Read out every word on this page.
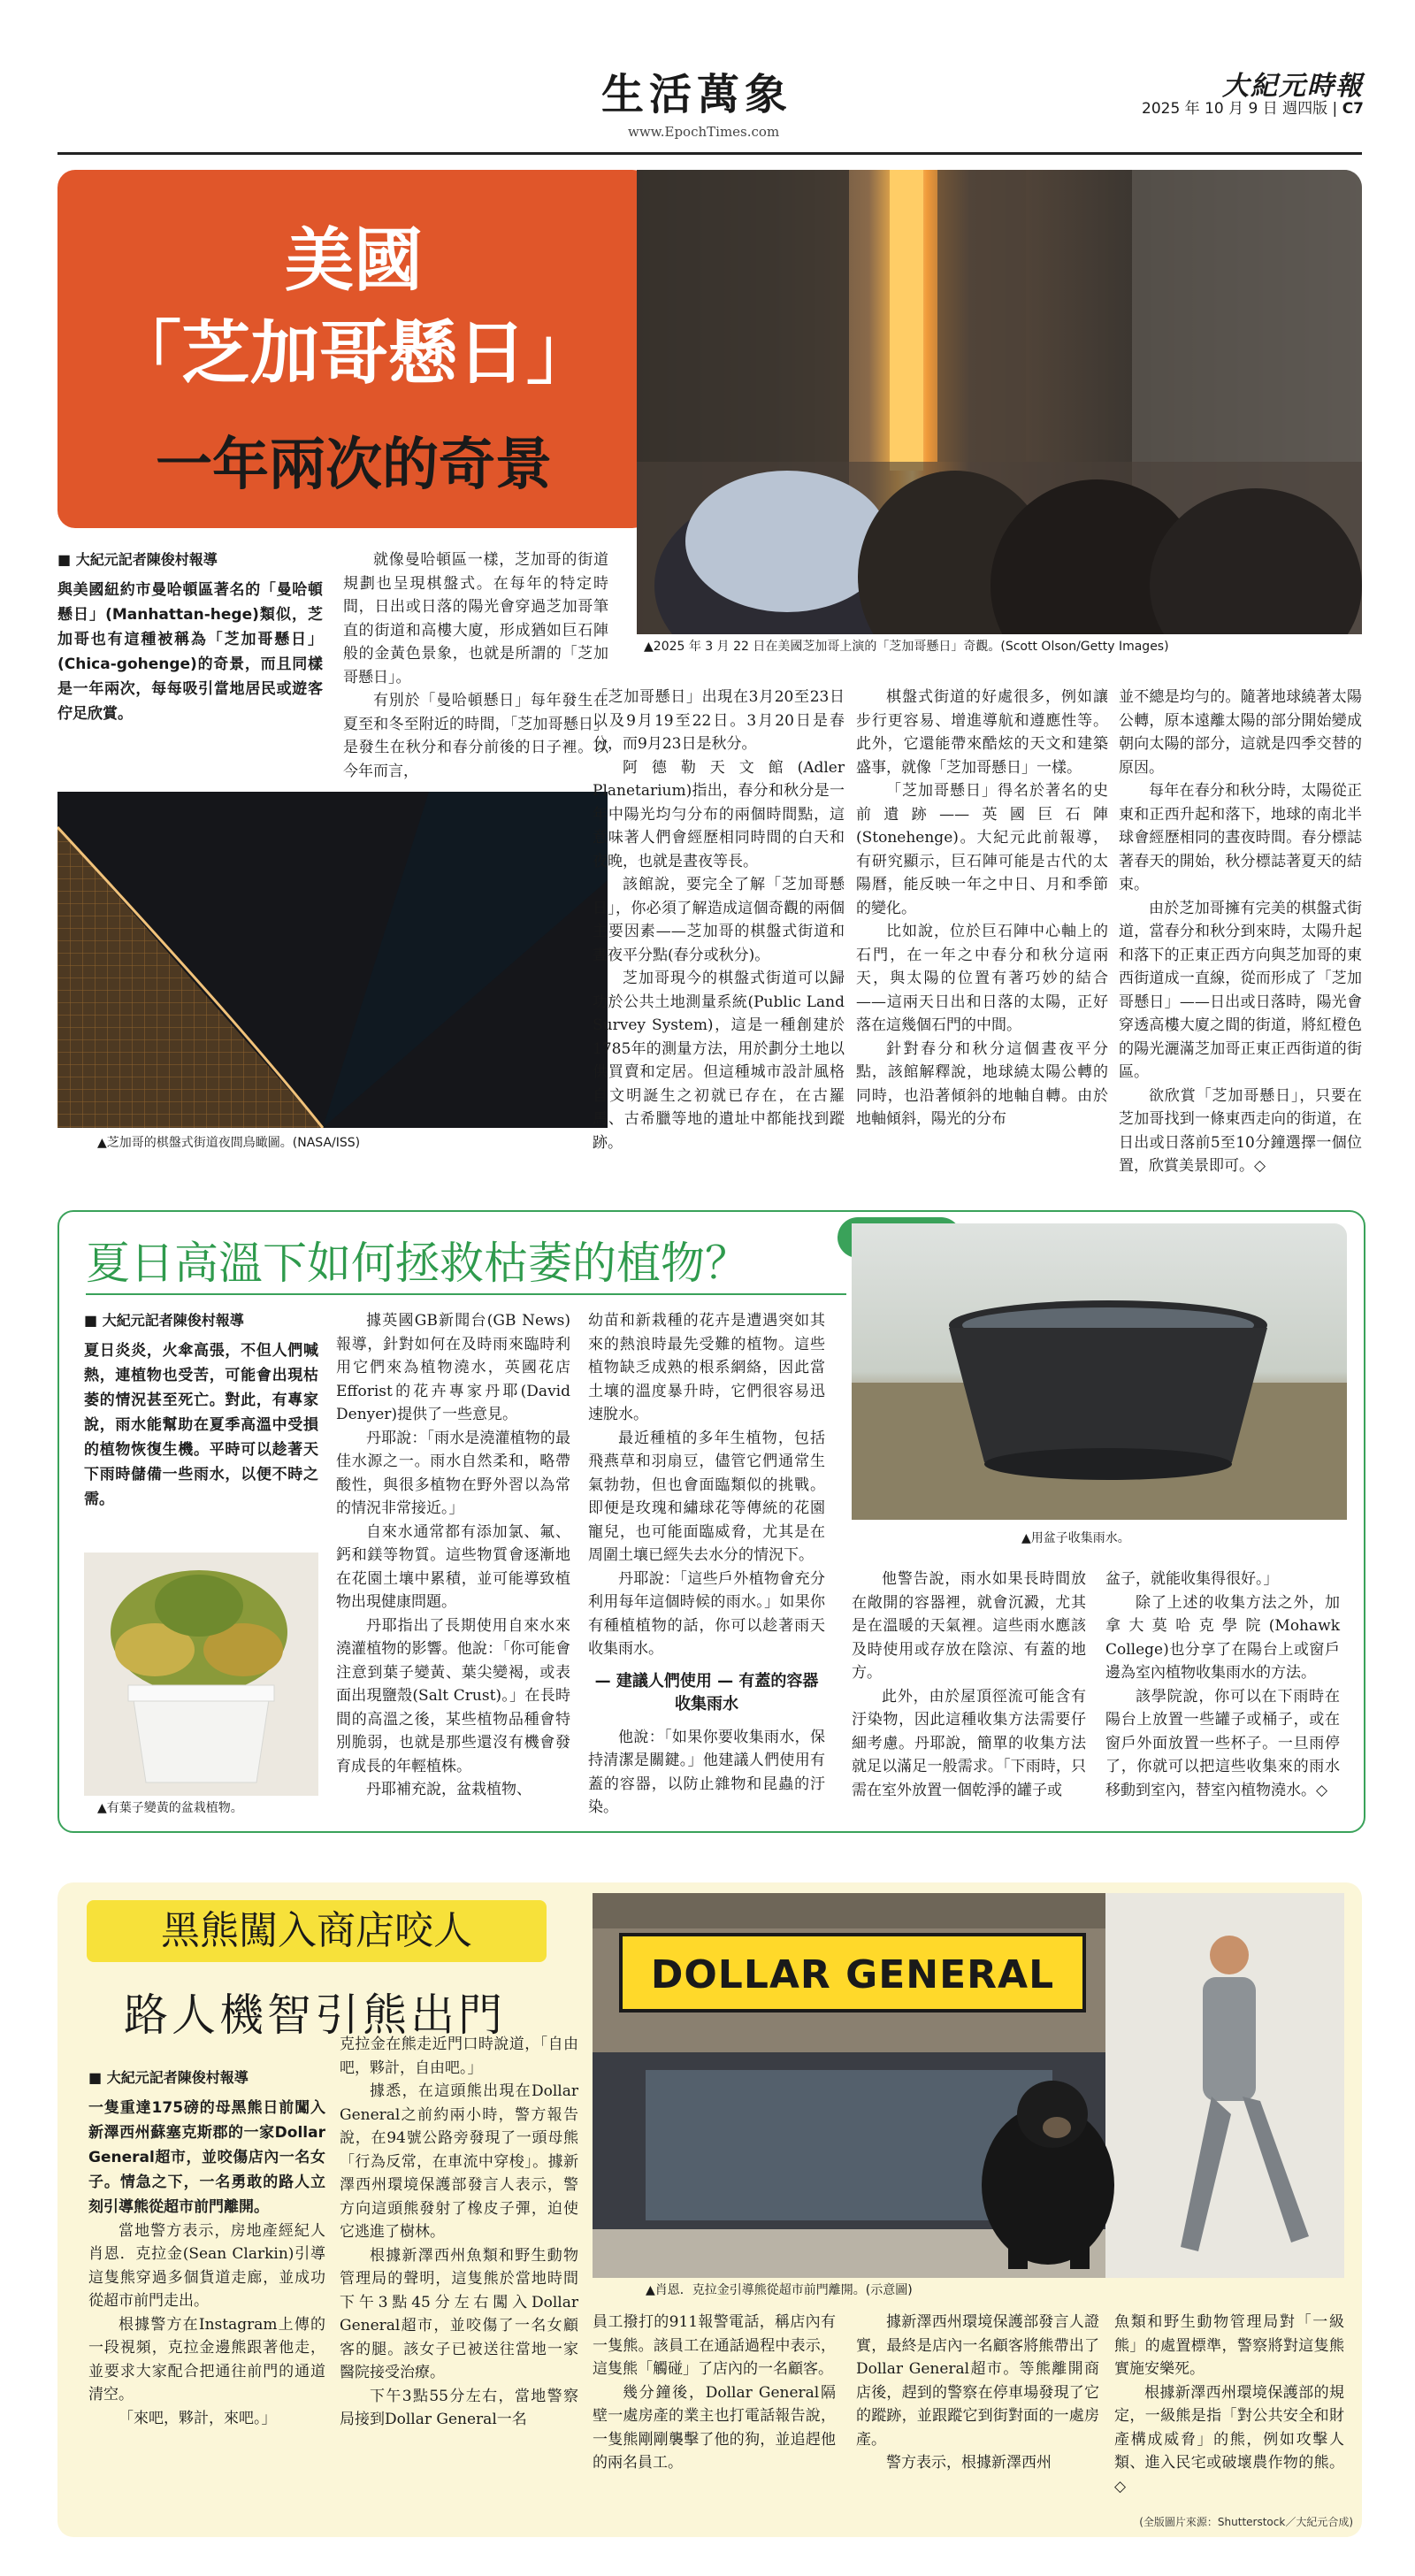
生活萬象
www.EpochTimes.com
大紀元時報
2025 年 10 月 9 日 週四版 | C7
美國
「芝加哥懸日」
一年兩次的奇景
▲ 2025 年 3 月 22 日在美國芝加哥上演的「芝加哥懸日」奇觀。(Scott Olson/Getty Images)
■ 大紀元記者陳俊村報導
與美國紐約市曼哈頓區著名的「曼哈頓懸日」(Manhattan-hege)類似，芝加哥也有這種被稱為「芝加哥懸日」(Chica-gohenge)的奇景，而且同樣是一年兩次，每每吸引當地居民或遊客佇足欣賞。

就像曼哈頓區一樣，芝加哥的街道規劃也呈現棋盤式。在每年的特定時間，日出或日落的陽光會穿過芝加哥筆直的街道和高樓大廈，形成猶如巨石陣般的金黃色景象，也就是所謂的「芝加哥懸日」。

有別於「曼哈頓懸日」每年發生在夏至和冬至附近的時間，「芝加哥懸日」是發生在秋分和春分前後的日子裡。以今年而言，

▲ 芝加哥的棋盤式街道夜間鳥瞰圖。(NASA/ISS)

「芝加哥懸日」出現在3月20至23日以及9月19至22日。3月20日是春分，而9月23日是秋分。

阿德勒天文館(Adler Planetarium)指出，春分和秋分是一年中陽光均勻分布的兩個時間點，這意味著人們會經歷相同時間的白天和夜晚，也就是晝夜等長。

該館說，要完全了解「芝加哥懸日」，你必須了解造成這個奇觀的兩個主要因素——芝加哥的棋盤式街道和晝夜平分點(春分或秋分)。

芝加哥現今的棋盤式街道可以歸功於公共土地測量系統(Public Land Survey System)，這是一種創建於1785年的測量方法，用於劃分土地以供買賣和定居。但這種城市設計風格自文明誕生之初就已存在，在古羅馬、古希臘等地的遺址中都能找到蹤跡。

棋盤式街道的好處很多，例如讓步行更容易、增進導航和遵應性等。此外，它還能帶來酷炫的天文和建築盛事，就像「芝加哥懸日」一樣。

「芝加哥懸日」得名於著名的史前遺跡——英國巨石陣(Stonehenge)。大紀元此前報導，有研究顯示，巨石陣可能是古代的太陽曆，能反映一年之中日、月和季節的變化。

比如說，位於巨石陣中心軸上的石門，在一年之中春分和秋分這兩天，與太陽的位置有著巧妙的結合——這兩天日出和日落的太陽，正好落在這幾個石門的中間。

針對春分和秋分這個晝夜平分點，該館解釋說，地球繞太陽公轉的同時，也沿著傾斜的地軸自轉。由於地軸傾斜，陽光的分布

並不總是均勻的。隨著地球繞著太陽公轉，原本遠離太陽的部分開始變成朝向太陽的部分，這就是四季交替的原因。

每年在春分和秋分時，太陽從正東和正西升起和落下，地球的南北半球會經歷相同的晝夜時間。春分標誌著春天的開始，秋分標誌著夏天的結束。

由於芝加哥擁有完美的棋盤式街道，當春分和秋分到來時，太陽升起和落下的正東正西方向與芝加哥的東西街道成一直線，從而形成了「芝加哥懸日」——日出或日落時，陽光會穿透高樓大廈之間的街道，將紅橙色的陽光灑滿芝加哥正東正西街道的街區。

欲欣賞「芝加哥懸日」，只要在芝加哥找到一條東西走向的街道，在日出或日落前5至10分鐘選擇一個位置，欣賞美景即可。◇

夏日高溫下如何拯救枯萎的植物？
▲ 用盆子收集雨水。
■ 大紀元記者陳俊村報導
夏日炎炎，火傘高張，不但人們喊熱，連植物也受苦，可能會出現枯萎的情況甚至死亡。對此，有專家說，雨水能幫助在夏季高溫中受損的植物恢復生機。平時可以趁著天下雨時儲備一些雨水，以便不時之需。
▲ 有葉子變黃的盆栽植物。

據英國GB新聞台(GB News)報導，針對如何在及時雨來臨時利用它們來為植物澆水，英國花店Efforist的花卉專家丹耶(David Denyer)提供了一些意見。

丹耶說：「雨水是澆灌植物的最佳水源之一。雨水自然柔和，略帶酸性，與很多植物在野外習以為常的情況非常接近。」

自來水通常都有添加氯、氟、鈣和鎂等物質。這些物質會逐漸地在花園土壤中累積，並可能導致植物出現健康問題。

丹耶指出了長期使用自來水來澆灌植物的影響。他說：「你可能會注意到葉子變黃、葉尖變褐，或表面出現鹽殼(Salt Crust)。」在長時間的高溫之後，某些植物品種會特別脆弱，也就是那些還沒有機會發育成長的年輕植株。

丹耶補充說，盆栽植物、

幼苗和新栽種的花卉是遭遇突如其來的熱浪時最先受難的植物。這些植物缺乏成熟的根系網絡，因此當土壤的溫度暴升時，它們很容易迅速脫水。

最近種植的多年生植物，包括飛燕草和羽扇豆，儘管它們通常生氣勃勃，但也會面臨類似的挑戰。即便是玫瑰和繡球花等傳統的花園寵兒，也可能面臨威脅，尤其是在周圍土壤已經失去水分的情況下。

丹耶說：「這些戶外植物會充分利用每年這個時候的雨水。」如果你有種植植物的話，你可以趁著雨天收集雨水。

— 建議人們使用 — 有蓋的容器收集雨水

他說：「如果你要收集雨水，保持清潔是關鍵。」他建議人們使用有蓋的容器，以防止雜物和昆蟲的汙染。

他警告說，雨水如果長時間放在敞開的容器裡，就會沉澱，尤其是在溫暖的天氣裡。這些雨水應該及時使用或存放在陰涼、有蓋的地方。

此外，由於屋頂徑流可能含有汙染物，因此這種收集方法需要仔細考慮。丹耶說，簡單的收集方法就足以滿足一般需求。「下雨時，只需在室外放置一個乾淨的罐子或

盆子，就能收集得很好。」

除了上述的收集方法之外，加拿大莫哈克學院(Mohawk College)也分享了在陽台上或窗戶邊為室內植物收集雨水的方法。

該學院說，你可以在下雨時在陽台上放置一些罐子或桶子，或在窗戶外面放置一些杯子。一旦雨停了，你就可以把這些收集來的雨水移動到室內，替室內植物澆水。◇

黑熊闖入商店咬人
路人機智引熊出門
DOLLAR GENERAL
▲ 肖恩．克拉金引導熊從超市前門離開。(示意圖)
■ 大紀元記者陳俊村報導
一隻重達175磅的母黑熊日前闖入新澤西州蘇塞克斯郡的一家Dollar General超市，並咬傷店內一名女子。情急之下，一名勇敢的路人立刻引導熊從超市前門離開。

當地警方表示，房地產經紀人肖恩．克拉金(Sean Clarkin)引導這隻熊穿過多個貨道走廊，並成功從超市前門走出。

根據警方在Instagram上傳的一段視頻，克拉金邊熊跟著他走，並要求大家配合把通往前門的通道清空。

「來吧，夥計，來吧。」

克拉金在熊走近門口時說道，「自由吧，夥計，自由吧。」

據悉，在這頭熊出現在Dollar General之前約兩小時，警方報告說，在94號公路旁發現了一頭母熊「行為反常，在車流中穿梭」。據新澤西州環境保護部發言人表示，警方向這頭熊發射了橡皮子彈，迫使它逃進了樹林。

根據新澤西州魚類和野生動物管理局的聲明，這隻熊於當地時間下午3點45分左右闖入Dollar General超市，並咬傷了一名女顧客的腿。該女子已被送往當地一家醫院接受治療。

下午3點55分左右，當地警察局接到Dollar General一名

員工撥打的911報警電話，稱店內有一隻熊。該員工在通話過程中表示，這隻熊「觸碰」了店內的一名顧客。

幾分鐘後，Dollar General隔壁一處房產的業主也打電話報告說，一隻熊剛剛襲擊了他的狗，並追趕他的兩名員工。

據新澤西州環境保護部發言人證實，最終是店內一名顧客將熊帶出了Dollar General超市。等熊離開商店後，趕到的警察在停車場發現了它的蹤跡，並跟蹤它到街對面的一處房產。

警方表示，根據新澤西州

魚類和野生動物管理局對「一級熊」的處置標準，警察將對這隻熊實施安樂死。

根據新澤西州環境保護部的規定，一級熊是指「對公共安全和財產構成威脅」的熊，例如攻擊人類、進入民宅或破壞農作物的熊。◇

(全版圖片來源：Shutterstock／大紀元合成)
